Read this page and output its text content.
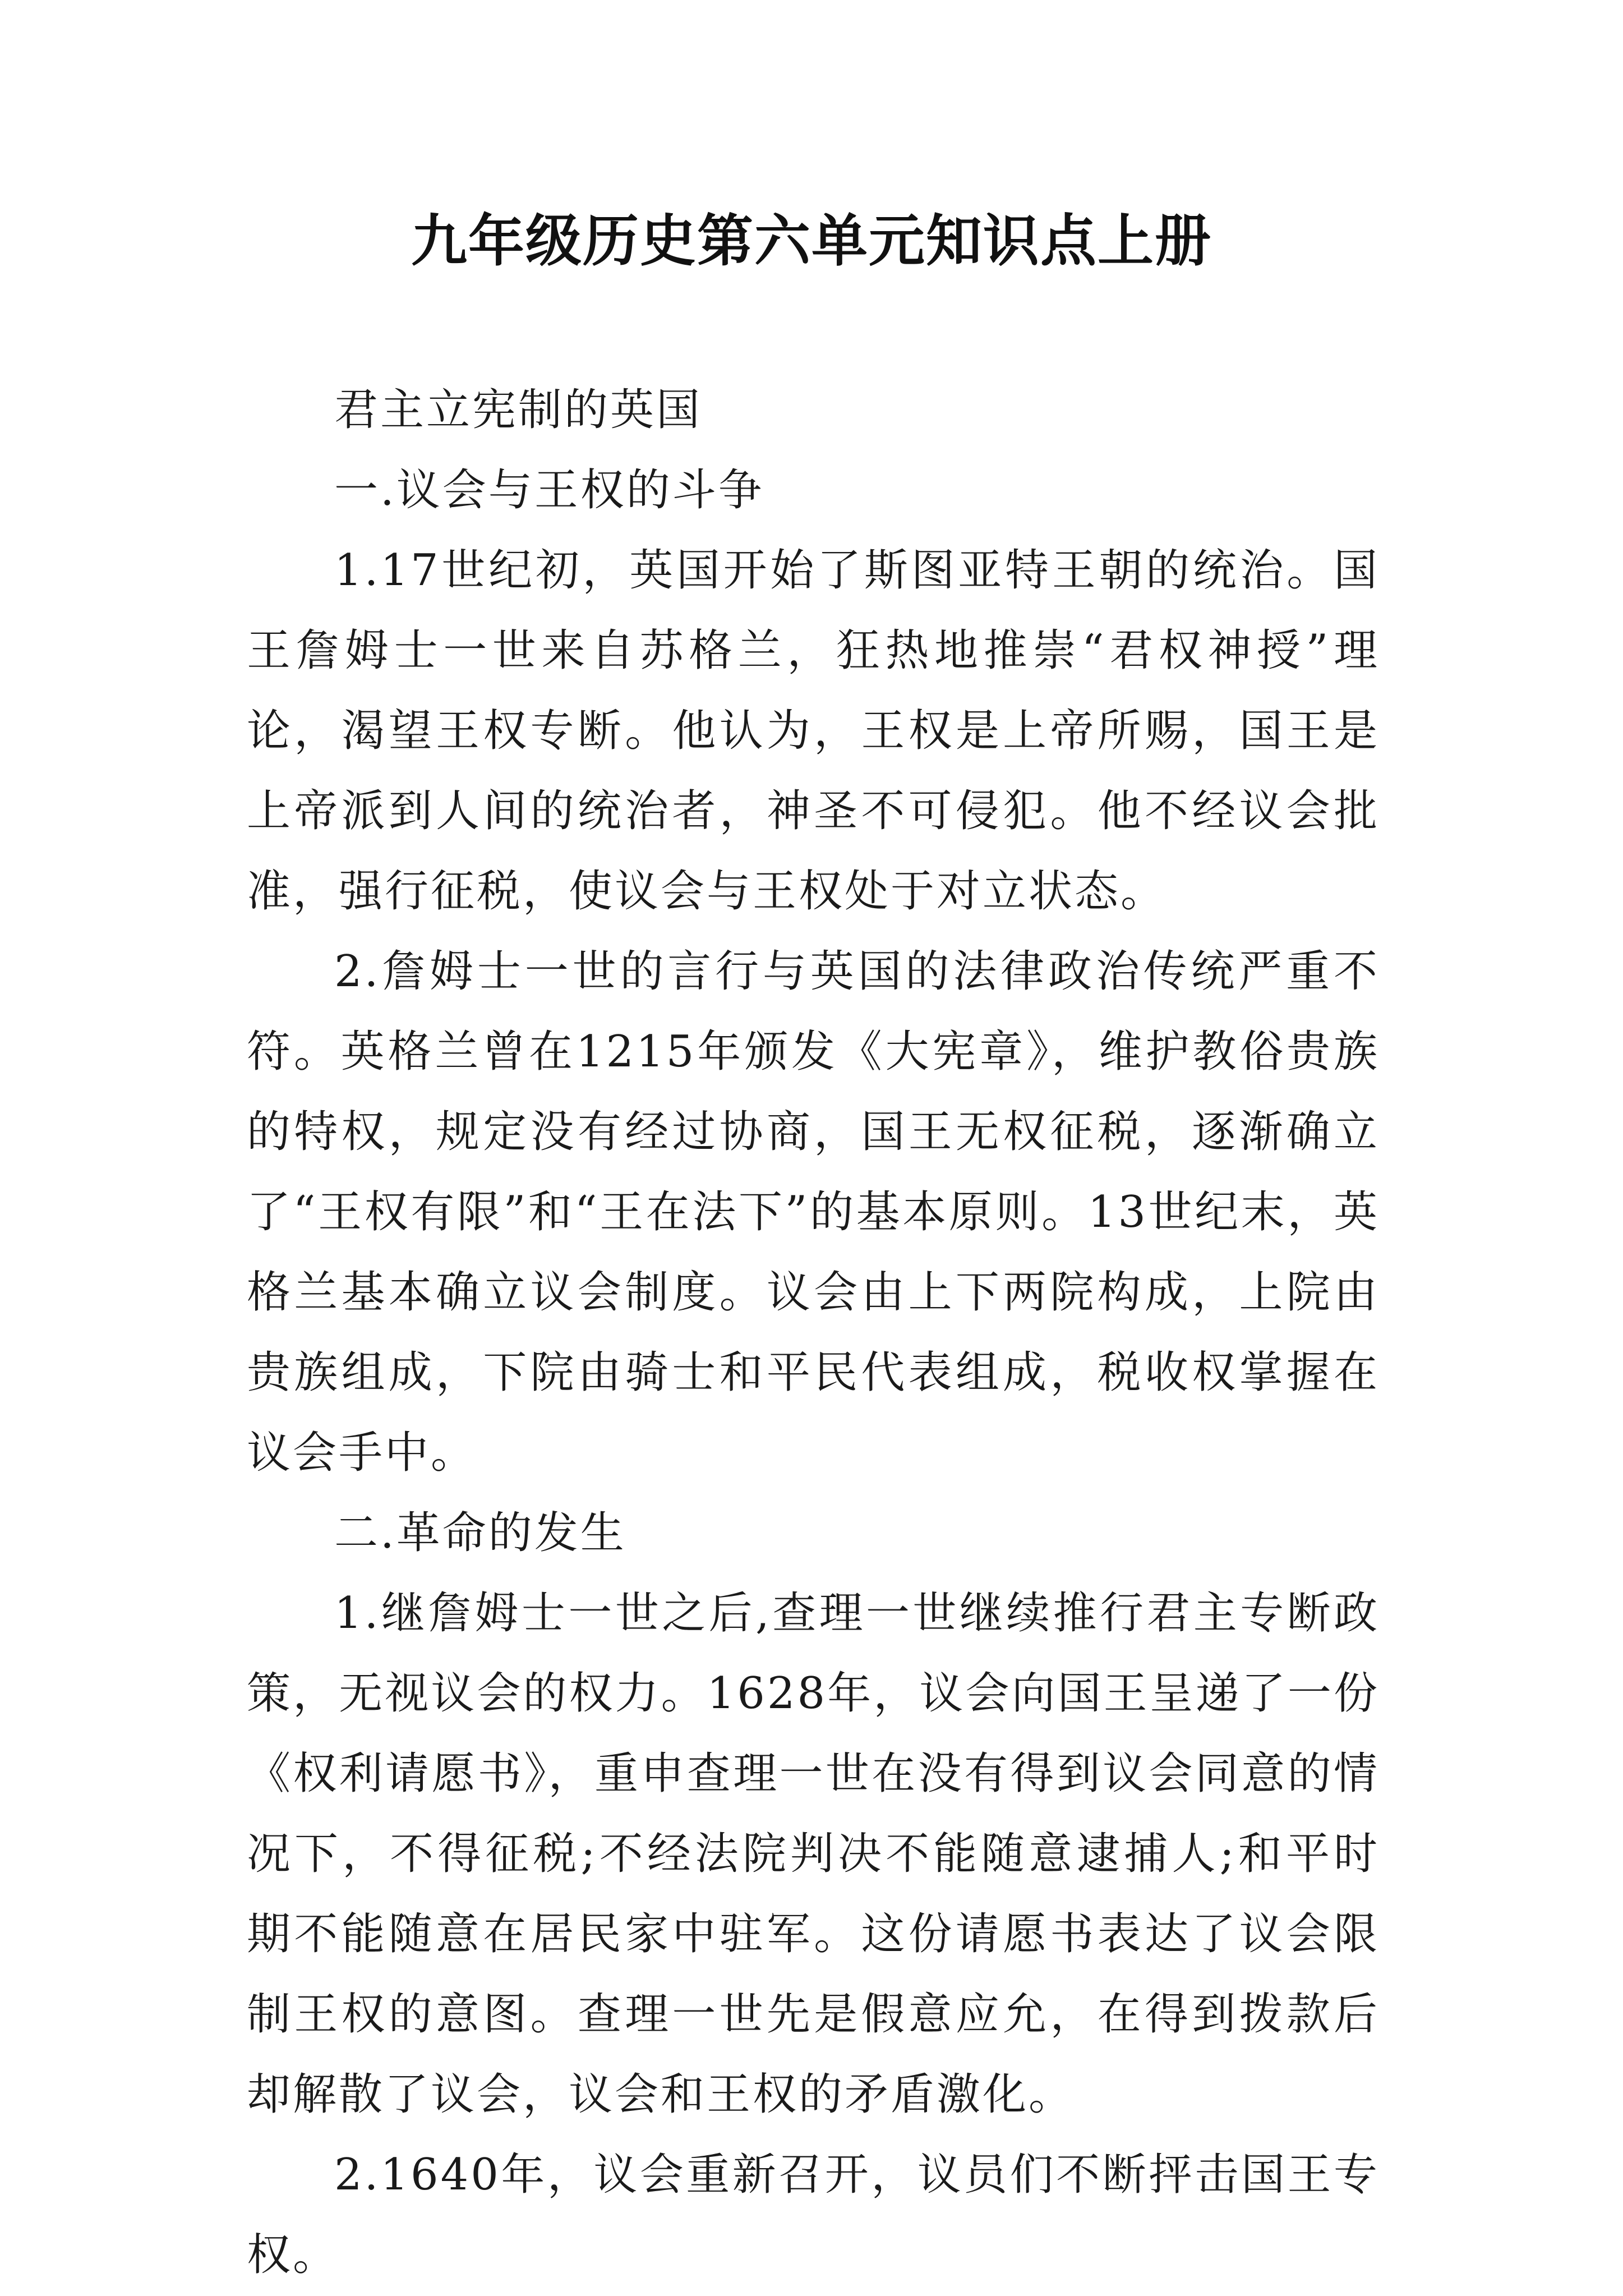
九年级历史第六单元知识点上册

君主立宪制的英国

一.议会与王权的斗争

1.17世纪初，英国开始了斯图亚特王朝的统治。国王詹姆士一世来自苏格兰，狂热地推崇“君权神授”理论，渴望王权专断。他认为，王权是上帝所赐，国王是上帝派到人间的统治者，神圣不可侵犯。他不经议会批准，强行征税，使议会与王权处于对立状态。

2.詹姆士一世的言行与英国的法律政治传统严重不符。英格兰曾在1215年颁发《大宪章》，维护教俗贵族的特权，规定没有经过协商，国王无权征税，逐渐确立了“王权有限”和“王在法下”的基本原则。13世纪末，英格兰基本确立议会制度。议会由上下两院构成，上院由贵族组成，下院由骑士和平民代表组成，税收权掌握在议会手中。

二.革命的发生

1.继詹姆士一世之后,查理一世继续推行君主专断政策，无视议会的权力。1628年，议会向国王呈递了一份《权利请愿书》，重申查理一世在没有得到议会同意的情况下，不得征税;不经法院判决不能随意逮捕人;和平时期不能随意在居民家中驻军。这份请愿书表达了议会限制王权的意图。查理一世先是假意应允，在得到拨款后却解散了议会，议会和王权的矛盾激化。

2.1640年，议会重新召开，议员们不断抨击国王专权。
